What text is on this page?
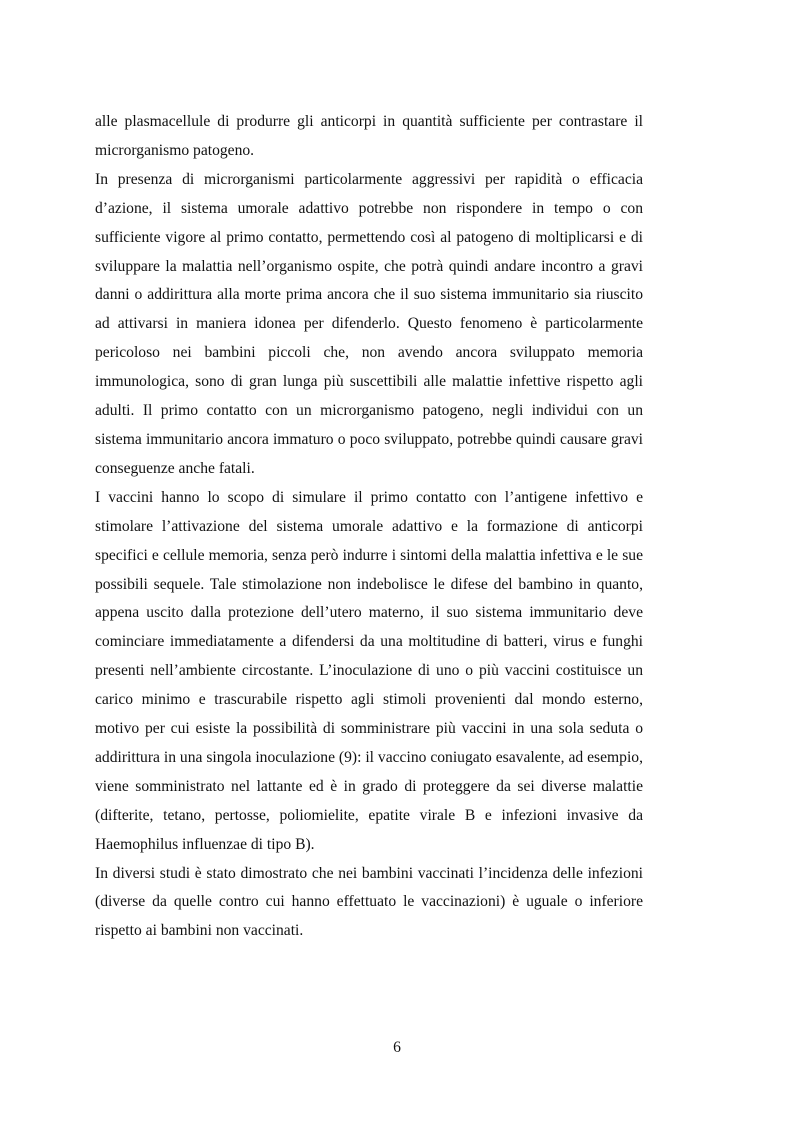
alle plasmacellule di produrre gli anticorpi in quantità sufficiente per contrastare il microrganismo patogeno.

In presenza di microrganismi particolarmente aggressivi per rapidità o efficacia d’azione, il sistema umorale adattivo potrebbe non rispondere in tempo o con sufficiente vigore al primo contatto, permettendo così al patogeno di moltiplicarsi e di sviluppare la malattia nell’organismo ospite, che potrà quindi andare incontro a gravi danni o addirittura alla morte prima ancora che il suo sistema immunitario sia riuscito ad attivarsi in maniera idonea per difenderlo. Questo fenomeno è particolarmente pericoloso nei bambini piccoli che, non avendo ancora sviluppato memoria immunologica, sono di gran lunga più suscettibili alle malattie infettive rispetto agli adulti. Il primo contatto con un microrganismo patogeno, negli individui con un sistema immunitario ancora immaturo o poco sviluppato, potrebbe quindi causare gravi conseguenze anche fatali.

I vaccini hanno lo scopo di simulare il primo contatto con l’antigene infettivo e stimolare l’attivazione del sistema umorale adattivo e la formazione di anticorpi specifici e cellule memoria, senza però indurre i sintomi della malattia infettiva e le sue possibili sequele. Tale stimolazione non indebolisce le difese del bambino in quanto, appena uscito dalla protezione dell’utero materno, il suo sistema immunitario deve cominciare immediatamente a difendersi da una moltitudine di batteri, virus e funghi presenti nell’ambiente circostante. L’inoculazione di uno o più vaccini costituisce un carico minimo e trascurabile rispetto agli stimoli provenienti dal mondo esterno, motivo per cui esiste la possibilità di somministrare più vaccini in una sola seduta o addirittura in una singola inoculazione (9): il vaccino coniugato esavalente, ad esempio, viene somministrato nel lattante ed è in grado di proteggere da sei diverse malattie (difterite, tetano, pertosse, poliomielite, epatite virale B e infezioni invasive da Haemophilus influenzae di tipo B).

In diversi studi è stato dimostrato che nei bambini vaccinati l’incidenza delle infezioni (diverse da quelle contro cui hanno effettuato le vaccinazioni) è uguale o inferiore rispetto ai bambini non vaccinati.

6
